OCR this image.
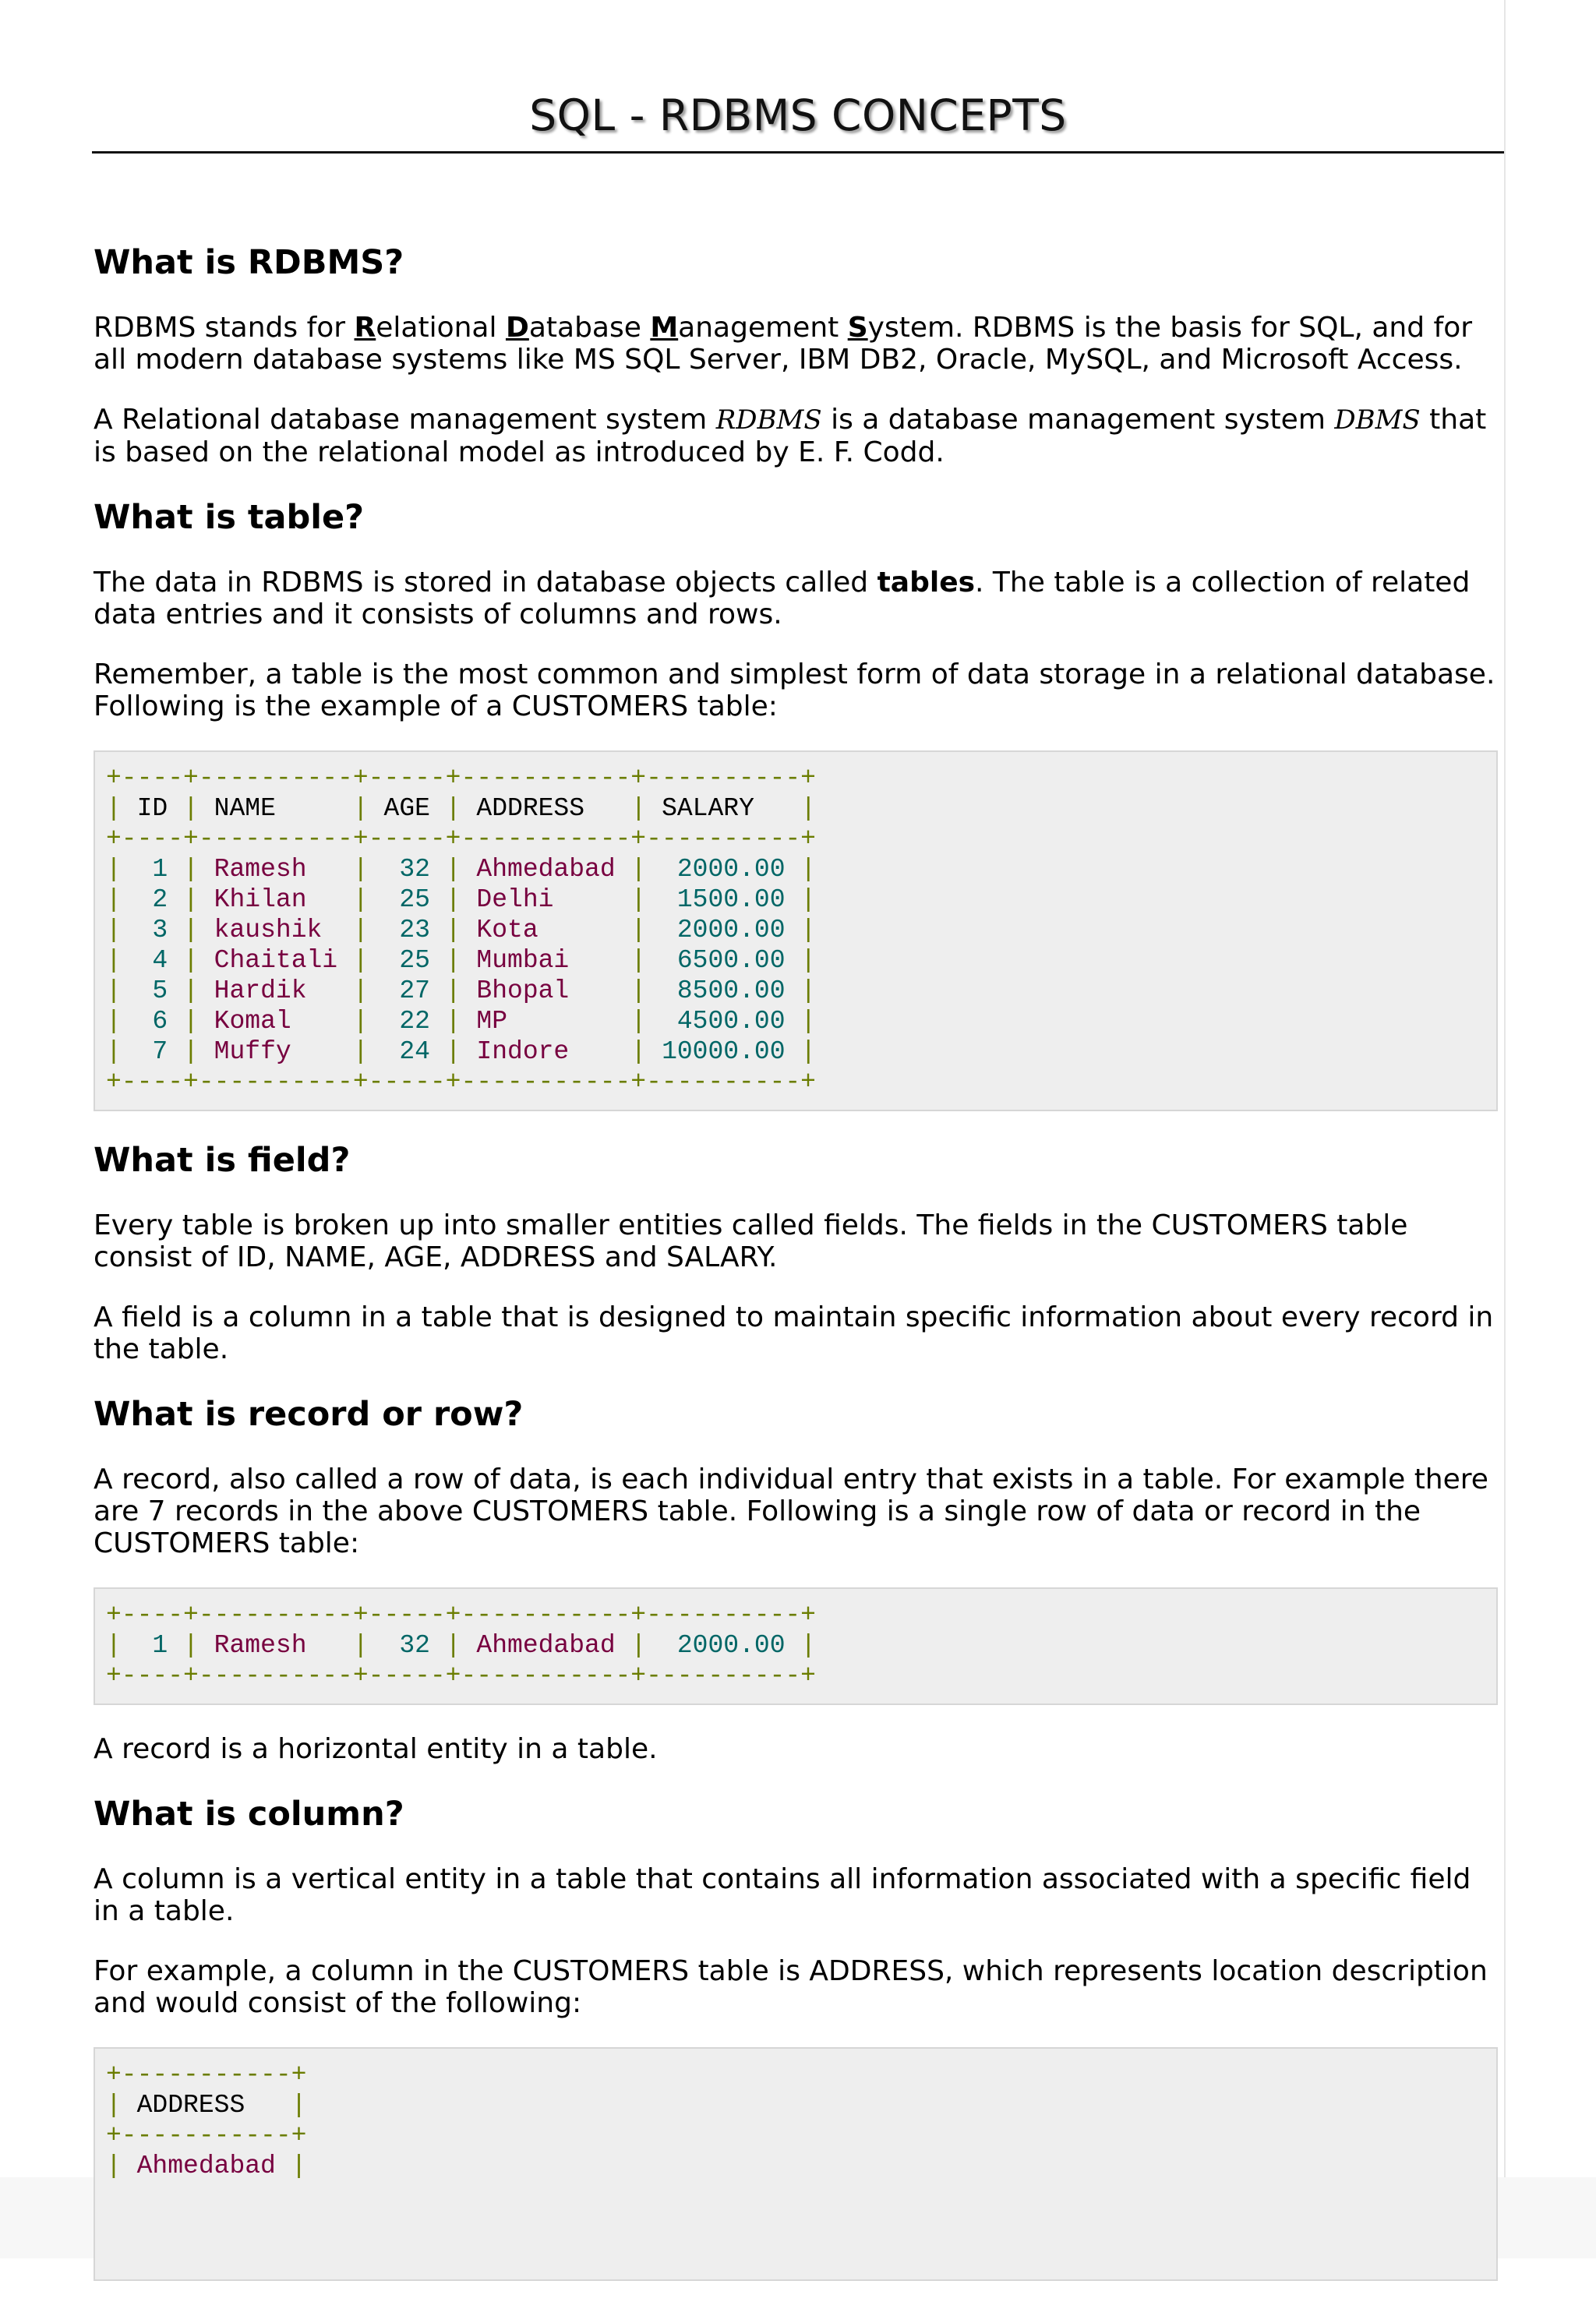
SQL - RDBMS CONCEPTS
What is RDBMS?

RDBMS stands for Relational Database Management System. RDBMS is the basis for SQL, and for all modern database systems like MS SQL Server, IBM DB2, Oracle, MySQL, and Microsoft Access.

A Relational database management system RDBMS is a database management system DBMS that is based on the relational model as introduced by E. F. Codd.

What is table?

The data in RDBMS is stored in database objects called tables. The table is a collection of related data entries and it consists of columns and rows.

Remember, a table is the most common and simplest form of data storage in a relational database. Following is the example of a CUSTOMERS table:

+----+----------+-----+-----------+----------+
| ID | NAME     | AGE | ADDRESS   | SALARY   |
+----+----------+-----+-----------+----------+
|  1 | Ramesh   |  32 | Ahmedabad |  2000.00 |
|  2 | Khilan   |  25 | Delhi     |  1500.00 |
|  3 | kaushik  |  23 | Kota      |  2000.00 |
|  4 | Chaitali |  25 | Mumbai    |  6500.00 |
|  5 | Hardik   |  27 | Bhopal    |  8500.00 |
|  6 | Komal    |  22 | MP        |  4500.00 |
|  7 | Muffy    |  24 | Indore    | 10000.00 |
+----+----------+-----+-----------+----------+
What is field?

Every table is broken up into smaller entities called fields. The fields in the CUSTOMERS table consist of ID, NAME, AGE, ADDRESS and SALARY.

A field is a column in a table that is designed to maintain specific information about every record in the table.

What is record or row?

A record, also called a row of data, is each individual entry that exists in a table. For example there are 7 records in the above CUSTOMERS table. Following is a single row of data or record in the CUSTOMERS table:

+----+----------+-----+-----------+----------+
|  1 | Ramesh   |  32 | Ahmedabad |  2000.00 |
+----+----------+-----+-----------+----------+

A record is a horizontal entity in a table.

What is column?

A column is a vertical entity in a table that contains all information associated with a specific field in a table.

For example, a column in the CUSTOMERS table is ADDRESS, which represents location description and would consist of the following:

+-----------+
| ADDRESS   |
+-----------+
| Ahmedabad |
